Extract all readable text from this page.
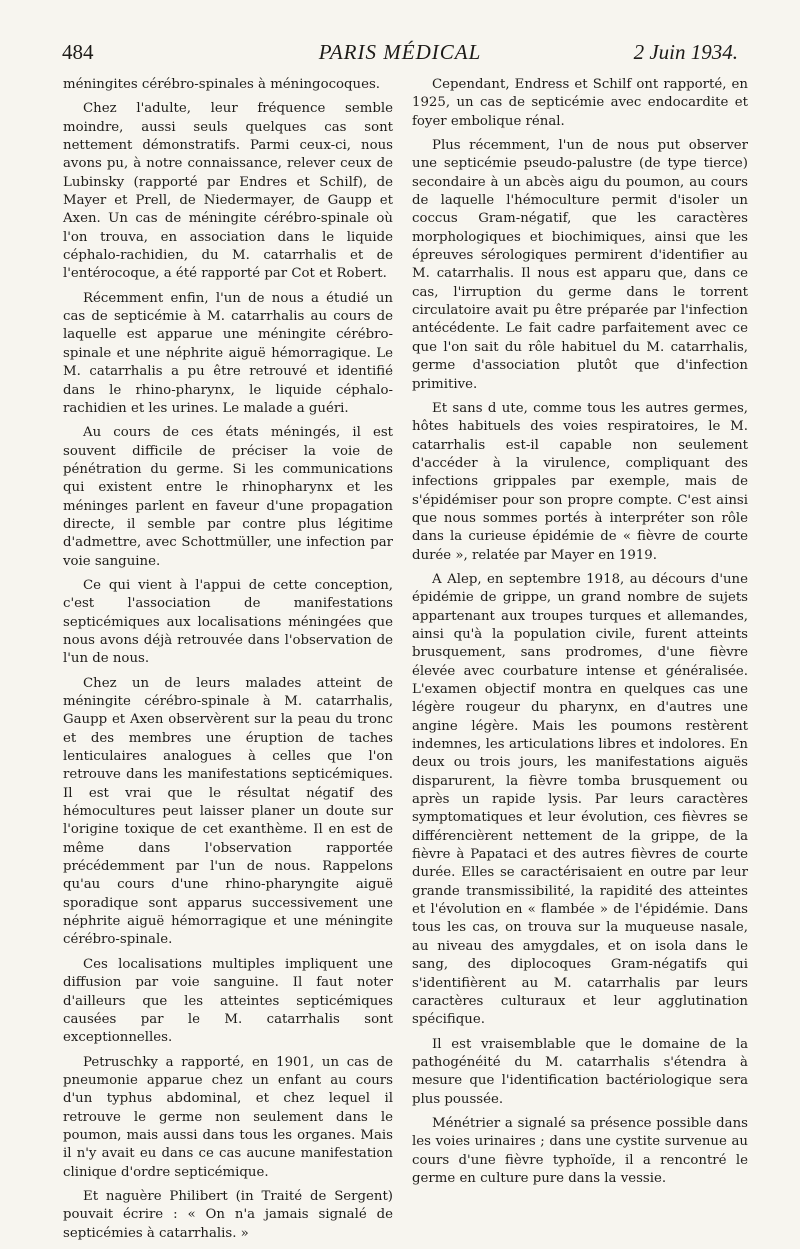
484	PARIS MÉDICAL	2 Juin 1934.

méningites cérébro-spinales à méningocoques.

Chez l'adulte, leur fréquence semble moindre, aussi seuls quelques cas sont nettement démonstratifs. Parmi ceux-ci, nous avons pu, à notre connaissance, relever ceux de Lubinsky (rapporté par Endres et Schilf), de Mayer et Prell, de Niedermayer, de Gaupp et Axen. Un cas de méningite cérébro-spinale où l'on trouva, en association dans le liquide céphalo-rachidien, du M. catarrhalis et de l'entérocoque, a été rapporté par Cot et Robert.

Récemment enfin, l'un de nous a étudié un cas de septicémie à M. catarrhalis au cours de laquelle est apparue une méningite cérébro-spinale et une néphrite aiguë hémorragique. Le M. catarrhalis a pu être retrouvé et identifié dans le rhino-pharynx, le liquide céphalo-rachidien et les urines. Le malade a guéri.

Au cours de ces états méningés, il est souvent difficile de préciser la voie de pénétration du germe. Si les communications qui existent entre le rhinopharynx et les méninges parlent en faveur d'une propagation directe, il semble par contre plus légitime d'admettre, avec Schottmüller, une infection par voie sanguine.

Ce qui vient à l'appui de cette conception, c'est l'association de manifestations septicémiques aux localisations méningées que nous avons déjà retrouvée dans l'observation de l'un de nous.

Chez un de leurs malades atteint de méningite cérébro-spinale à M. catarrhalis, Gaupp et Axen observèrent sur la peau du tronc et des membres une éruption de taches lenticulaires analogues à celles que l'on retrouve dans les manifestations septicémiques. Il est vrai que le résultat négatif des hémocultures peut laisser planer un doute sur l'origine toxique de cet exanthème. Il en est de même dans l'observation rapportée précédemment par l'un de nous. Rappelons qu'au cours d'une rhino-pharyngite aiguë sporadique sont apparus successivement une néphrite aiguë hémorragique et une méningite cérébro-spinale.

Ces localisations multiples impliquent une diffusion par voie sanguine. Il faut noter d'ailleurs que les atteintes septicémiques causées par le M. catarrhalis sont exceptionnelles.

Petruschky a rapporté, en 1901, un cas de pneumonie apparue chez un enfant au cours d'un typhus abdominal, et chez lequel il retrouve le germe non seulement dans le poumon, mais aussi dans tous les organes. Mais il n'y avait eu dans ce cas aucune manifestation clinique d'ordre septicémique.

Et naguère Philibert (in Traité de Sergent) pouvait écrire : « On n'a jamais signalé de septicémies à catarrhalis. »

Cependant, Endress et Schilf ont rapporté, en 1925, un cas de septicémie avec endocardite et foyer embolique rénal.

Plus récemment, l'un de nous put observer une septicémie pseudo-palustre (de type tierce) secondaire à un abcès aigu du poumon, au cours de laquelle l'hémoculture permit d'isoler un coccus Gram-négatif, que les caractères morphologiques et biochimiques, ainsi que les épreuves sérologiques permirent d'identifier au M. catarrhalis. Il nous est apparu que, dans ce cas, l'irruption du germe dans le torrent circulatoire avait pu être préparée par l'infection antécédente. Le fait cadre parfaitement avec ce que l'on sait du rôle habituel du M. catarrhalis, germe d'association plutôt que d'infection primitive.

Et sans d ute, comme tous les autres germes, hôtes habituels des voies respiratoires, le M. catarrhalis est-il capable non seulement d'accéder à la virulence, compliquant des infections grippales par exemple, mais de s'épidémiser pour son propre compte. C'est ainsi que nous sommes portés à interpréter son rôle dans la curieuse épidémie de « fièvre de courte durée », relatée par Mayer en 1919.

A Alep, en septembre 1918, au décours d'une épidémie de grippe, un grand nombre de sujets appartenant aux troupes turques et allemandes, ainsi qu'à la population civile, furent atteints brusquement, sans prodromes, d'une fièvre élevée avec courbature intense et généralisée. L'examen objectif montra en quelques cas une légère rougeur du pharynx, en d'autres une angine légère. Mais les poumons restèrent indemnes, les articulations libres et indolores. En deux ou trois jours, les manifestations aiguës disparurent, la fièvre tomba brusquement ou après un rapide lysis. Par leurs caractères symptomatiques et leur évolution, ces fièvres se différencièrent nettement de la grippe, de la fièvre à Papataci et des autres fièvres de courte durée. Elles se caractérisaient en outre par leur grande transmissibilité, la rapidité des atteintes et l'évolution en « flambée » de l'épidémie. Dans tous les cas, on trouva sur la muqueuse nasale, au niveau des amygdales, et on isola dans le sang, des diplocoques Gram-négatifs qui s'identifièrent au M. catarrhalis par leurs caractères culturaux et leur agglutination spécifique.

Il est vraisemblable que le domaine de la pathogénéité du M. catarrhalis s'étendra à mesure que l'identification bactériologique sera plus poussée.

Ménétrier a signalé sa présence possible dans les voies urinaires ; dans une cystite survenue au cours d'une fièvre typhoïde, il a rencontré le germe en culture pure dans la vessie.
